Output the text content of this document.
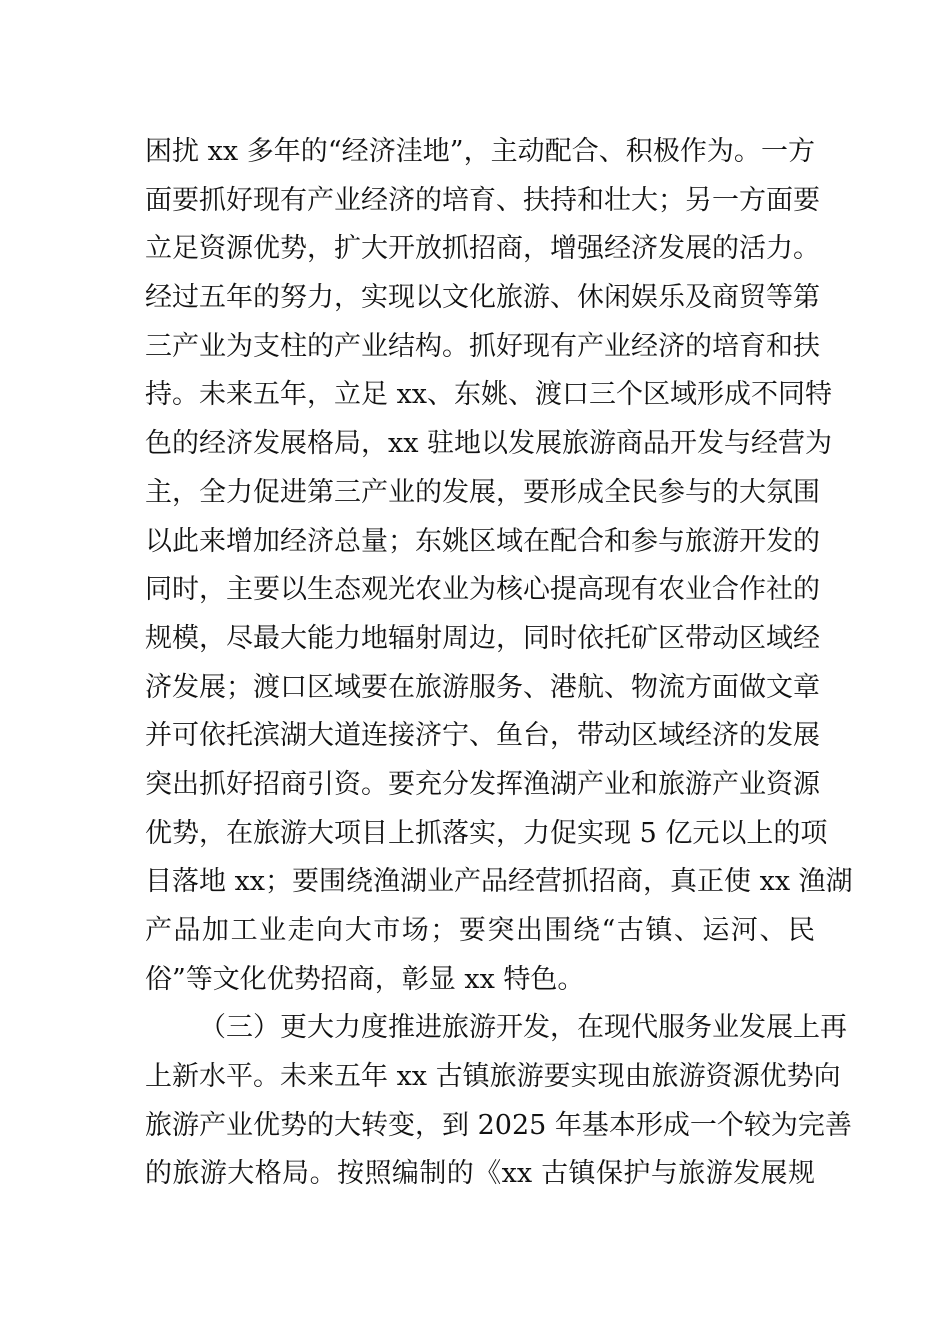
困扰 xx 多年的“经济洼地”，主动配合、积极作为。一方
面要抓好现有产业经济的培育、扶持和壮大；另一方面要
立足资源优势，扩大开放抓招商，增强经济发展的活力。
经过五年的努力，实现以文化旅游、休闲娱乐及商贸等第
三产业为支柱的产业结构。抓好现有产业经济的培育和扶
持。未来五年，立足 xx、东姚、渡口三个区域形成不同特
色的经济发展格局，xx 驻地以发展旅游商品开发与经营为
主，全力促进第三产业的发展，要形成全民参与的大氛围
以此来增加经济总量；东姚区域在配合和参与旅游开发的
同时，主要以生态观光农业为核心提高现有农业合作社的
规模，尽最大能力地辐射周边，同时依托矿区带动区域经
济发展；渡口区域要在旅游服务、港航、物流方面做文章
并可依托滨湖大道连接济宁、鱼台，带动区域经济的发展
突出抓好招商引资。要充分发挥渔湖产业和旅游产业资源
优势，在旅游大项目上抓落实，力促实现 5 亿元以上的项
目落地 xx；要围绕渔湖业产品经营抓招商，真正使 xx 渔湖
产品加工业走向大市场；要突出围绕“古镇、运河、民
俗”等文化优势招商，彰显 xx 特色。
（三）更大力度推进旅游开发，在现代服务业发展上再
上新水平。未来五年 xx 古镇旅游要实现由旅游资源优势向
旅游产业优势的大转变，到 2025 年基本形成一个较为完善
的旅游大格局。按照编制的《xx 古镇保护与旅游发展规
